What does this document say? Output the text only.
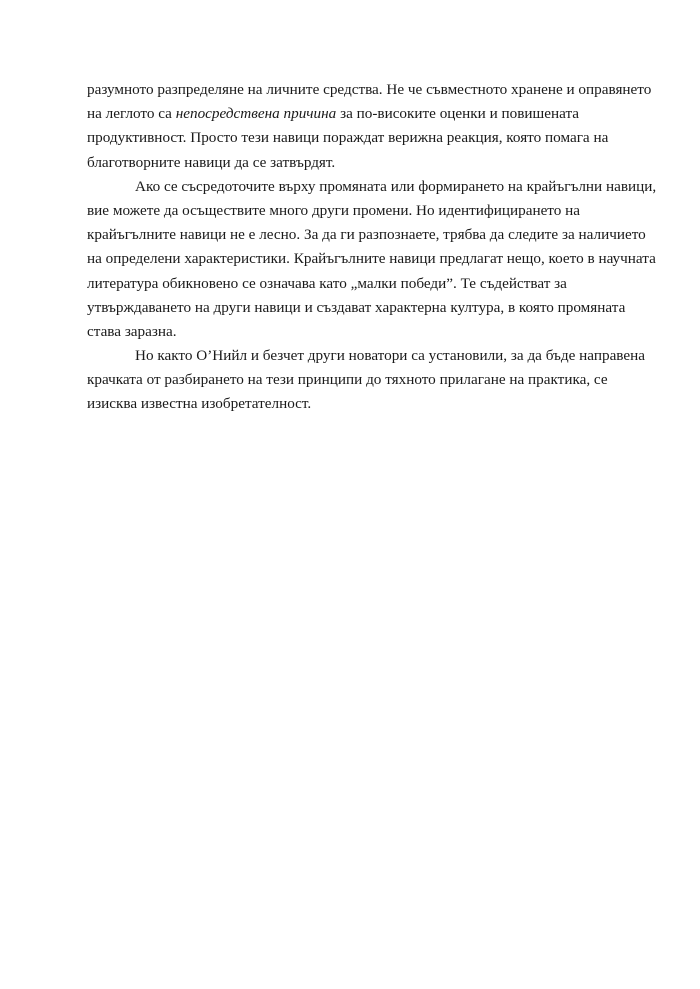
разумното разпределяне на личните средства. Не че съвместното хранене и оправянето
на леглото са непосредствена причина за по-високите оценки и повишената
продуктивност. Просто тези навици пораждат верижна реакция, която помага на
благотворните навици да се затвърдят.
Ако се съсредоточите върху промяната или формирането на крайъгълни навици,
вие можете да осъществите много други промени. Но идентифицирането на
крайъгълните навици не е лесно. За да ги разпознаете, трябва да следите за наличието
на определени характеристики. Крайъгълните навици предлагат нещо, което в научната
литература обикновено се означава като „малки победи”. Те съдействат за
утвърждаването на други навици и създават характерна култура, в която промяната
става заразна.
Но както О’Нийл и безчет други новатори са установили, за да бъде направена
крачката от разбирането на тези принципи до тяхното прилагане на практика, се
изисква известна изобретателност.
